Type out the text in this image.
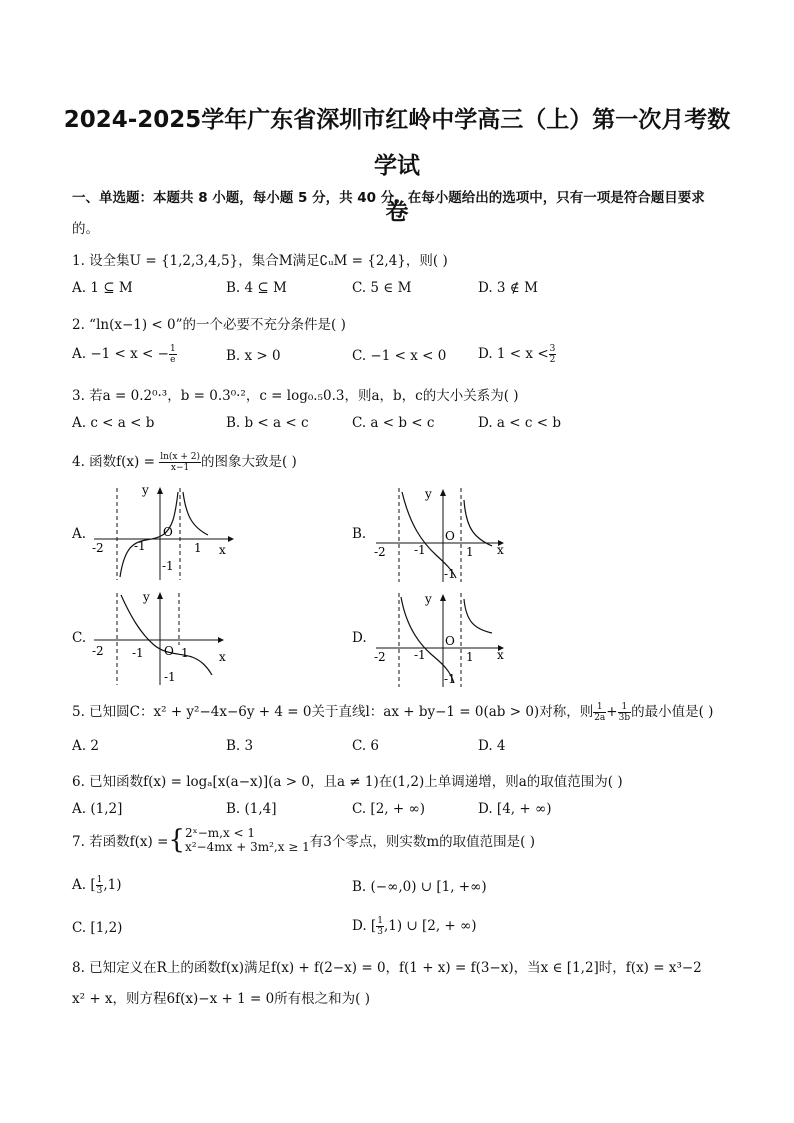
2024-2025学年广东省深圳市红岭中学高三（上）第一次月考数学试
卷
一、单选题：本题共 8 小题，每小题 5 分，共 40 分。在每小题给出的选项中，只有一项是符合题目要求
的。
1. 设全集U = {1,2,3,4,5}，集合M满足∁ᵤM = {2,4}，则( )
A. 1 ⊆ M	B. 4 ⊆ M	C. 5 ∈ M	D. 3 ∉ M
2. “ln(x−1) < 0”的一个必要不充分条件是( )
A. −1 < x < − $\frac{1}{e}$	B. x > 0	C. −1 < x < 0 D. $1 < x < \frac{3}{2}$
3. 若a = 0.2⁰·³，b = 0.3⁰·²，c = log₀.₅0.3，则a，b，c的大小关系为( )
A. c < a < b	B. b < a < c	C. a < b < c	D. a < c < b
4. 函数$f(x) = \frac{\ln(x + 2)}{x-1}$ 的图象大致是( )
A.	B.
C.	D.
y
x
O
-2	-1	1
-1
y
x
O
-2 -1	1
-1
y
x
O
-2 -1	1
-1
y
x
O
-2 -1	1
-1
5. 已知圆C：x² + y²−4x−6y + 4 = 0关于直线l：ax + by−1 = 0(ab > 0)对称，则 $\frac{1}{2a} + \frac{1}{3b}$ 的最小值是( )
A. 2	B. 3	C. 6	D. 4
6. 已知函数f(x) = logₐ[x(a−x)](a > 0，且a ≠ 1)在(1,2)上单调递增，则a的取值范围为( )
A. (1,2]	B. (1,4]	C. [2, + ∞)	D. [4, + ∞)
7. 若函数f(x) ={ 2ˣ−m,x < 1
x²−4mx + 3m²,x ≥ 1 有3个零点，则实数m的取值范围是( )
A. [ $\frac{1}{3} ,1$)	B. (−∞,0) ∪ [1, +∞)
C. [1,2)	D. [ $\frac{1}{3} ,1$) ∪ [2, + ∞)
8. 已知定义在R上的函数f(x)满足f(x) + f(2−x) = 0，f(1 + x) = f(3−x)，当x ∈ [1,2]时，f(x) = x³−2
x² + x，则方程6f(x)−x + 1 = 0所有根之和为( )
